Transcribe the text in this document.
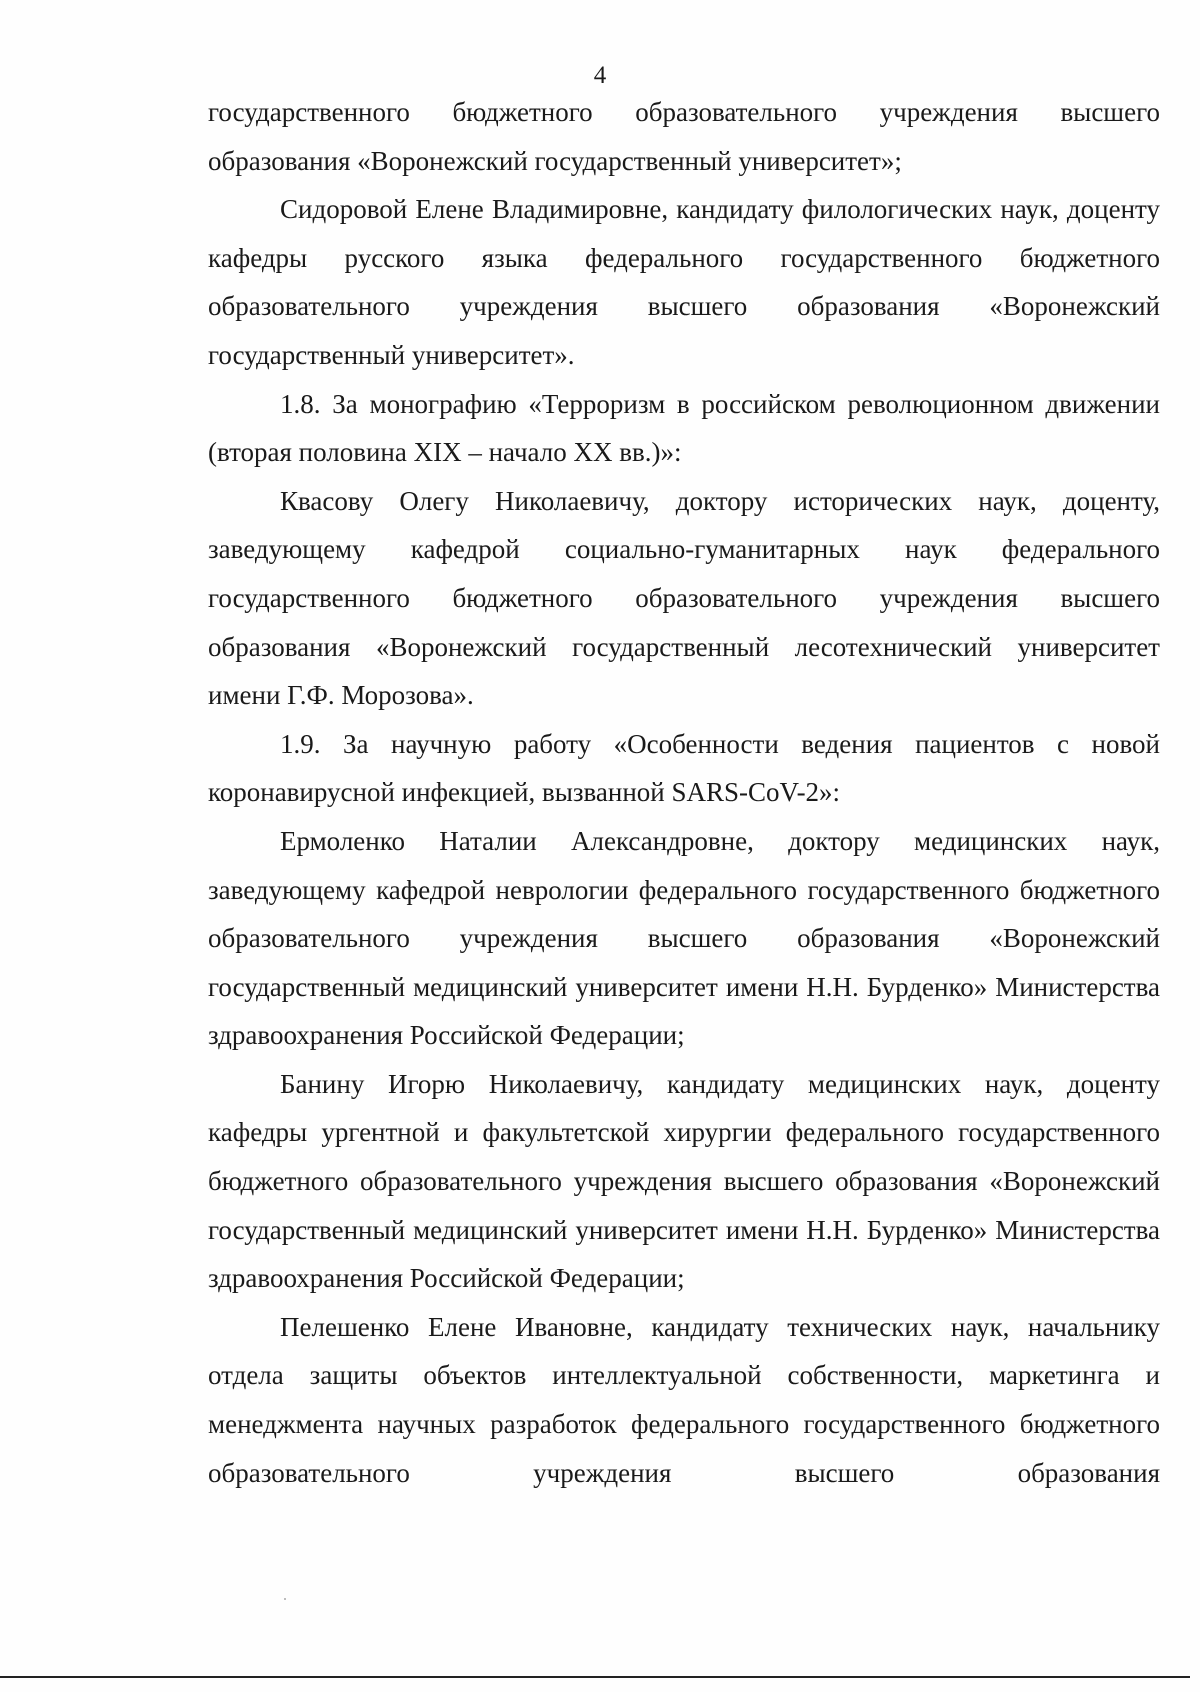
4

государственного бюджетного образовательного учреждения высшего образования «Воронежский государственный университет»;

Сидоровой Елене Владимировне, кандидату филологических наук, доценту кафедры русского языка федерального государственного бюджетного образовательного учреждения высшего образования «Воронежский государственный университет».

1.8. За монографию «Терроризм в российском революционном движении (вторая половина XIX – начало XX вв.)»:

Квасову Олегу Николаевичу, доктору исторических наук, доценту, заведующему кафедрой социально-гуманитарных наук федерального государственного бюджетного образовательного учреждения высшего образования «Воронежский государственный лесотехнический университет имени Г.Ф. Морозова».

1.9. За научную работу «Особенности ведения пациентов с новой коронавирусной инфекцией, вызванной SARS-CoV-2»:

Ермоленко Наталии Александровне, доктору медицинских наук, заведующему кафедрой неврологии федерального государственного бюджетного образовательного учреждения высшего образования «Воронежский государственный медицинский университет имени Н.Н. Бурденко» Министерства здравоохранения Российской Федерации;

Банину Игорю Николаевичу, кандидату медицинских наук, доценту кафедры ургентной и факультетской хирургии федерального государственного бюджетного образовательного учреждения высшего образования «Воронежский государственный медицинский университет имени Н.Н. Бурденко» Министерства здравоохранения Российской Федерации;

Пелешенко Елене Ивановне, кандидату технических наук, начальнику отдела защиты объектов интеллектуальной собственности, маркетинга и менеджмента научных разработок федерального государственного бюджетного образовательного учреждения высшего образования
